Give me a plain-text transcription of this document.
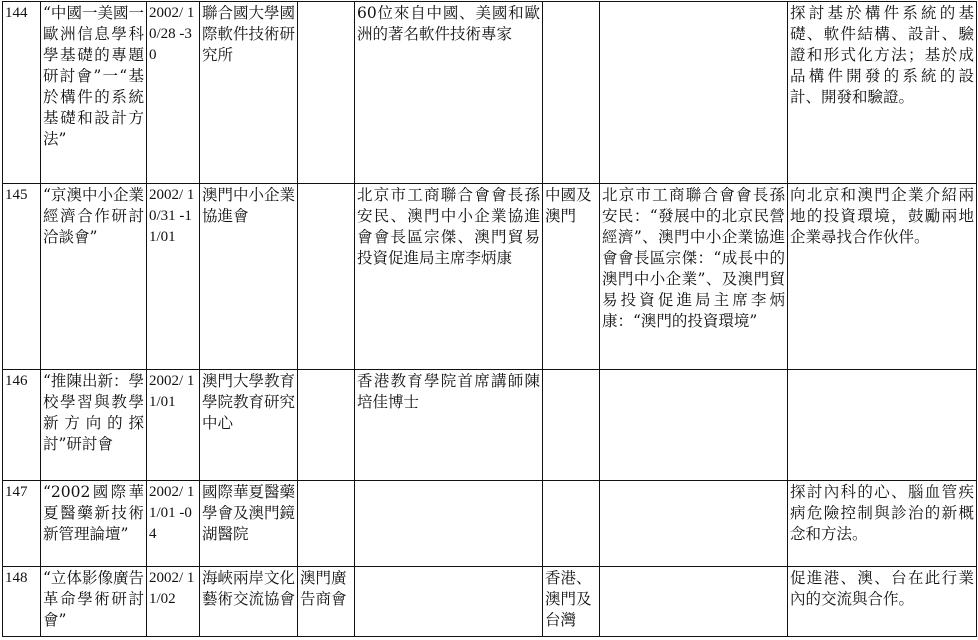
144	“中國一美國一歐洲信息學科學基礎的專題研討會”一“基於構件的系統基礎和設計方法”	2002/ 10/28 -30	聯合國大學國際軟件技術研究所		60位來自中國、美國和歐洲的著名軟件技術專家			探討基於構件系統的基礎、軟件結構、設計、驗證和形式化方法；基於成品構件開發的系統的設計、開發和驗證。
145	“京澳中小企業經濟合作研討洽談會”	2002/ 10/31 -11/01	澳門中小企業協進會		北京市工商聯合會會長孫安民、澳門中小企業協進會會長區宗傑、澳門貿易投資促進局主席李炳康	中國及澳門	北京市工商聯合會會長孫安民：“發展中的北京民營經濟”、澳門中小企業協進會會長區宗傑：“成長中的澳門中小企業”、及澳門貿易投資促進局主席李炳康：“澳門的投資環境”	向北京和澳門企業介紹兩地的投資環境，鼓勵兩地企業尋找合作伙伴。
146	“推陳出新：學校學習與教學新方向的探討”研討會	2002/ 11/01	澳門大學教育學院教育研究中心		香港教育學院首席講師陳培佳博士			
147	“2002國際華夏醫藥新技術新管理論壇”	2002/ 11/01 -04	國際華夏醫藥學會及澳門鏡湖醫院					探討內科的心、腦血管疾病危險控制與診治的新概念和方法。
148	“立体影像廣告革命學術研討會”	2002/ 11/02	海峽兩岸文化藝術交流協會	澳門廣告商會		香港、澳門及台灣		促進港、澳、台在此行業內的交流與合作。
